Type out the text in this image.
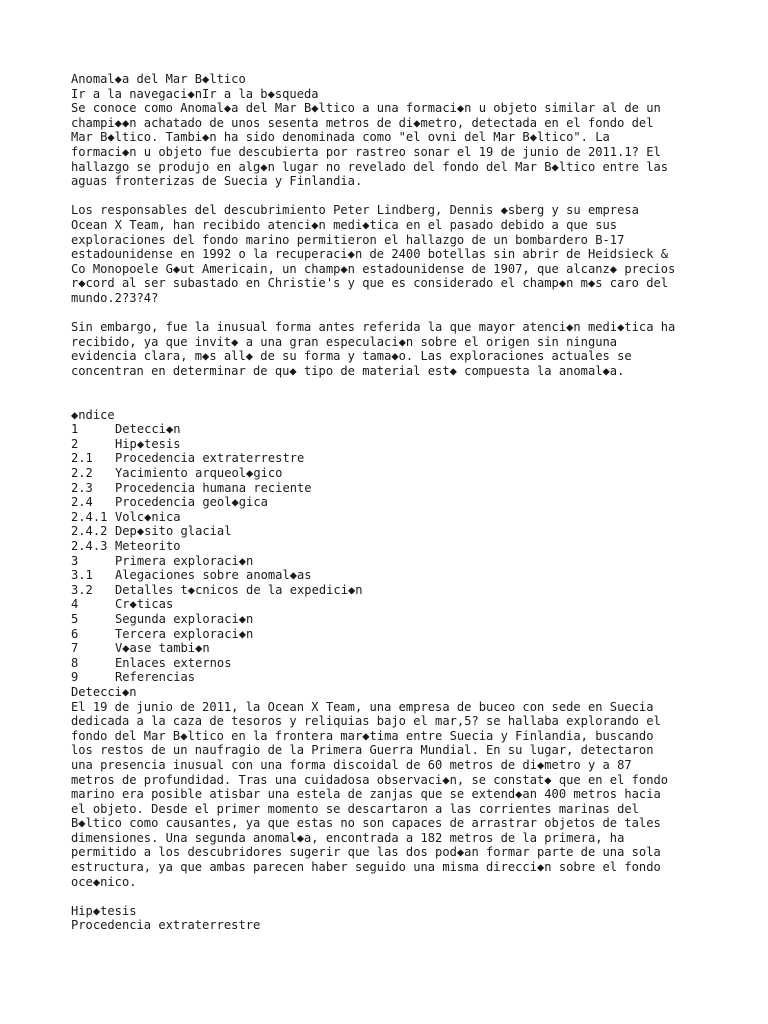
Anomal◆a del Mar B◆ltico
Ir a la navegaci◆nIr a la b◆squeda
Se conoce como Anomal◆a del Mar B◆ltico a una formaci◆n u objeto similar al de un
champi◆◆n achatado de unos sesenta metros de di◆metro, detectada en el fondo del
Mar B◆ltico. Tambi◆n ha sido denominada como "el ovni del Mar B◆ltico". La
formaci◆n u objeto fue descubierta por rastreo sonar el 19 de junio de 2011.1? El
hallazgo se produjo en alg◆n lugar no revelado del fondo del Mar B◆ltico entre las
aguas fronterizas de Suecia y Finlandia.
Los responsables del descubrimiento Peter Lindberg, Dennis ◆sberg y su empresa
Ocean X Team, han recibido atenci◆n medi◆tica en el pasado debido a que sus
exploraciones del fondo marino permitieron el hallazgo de un bombardero B-17
estadounidense en 1992 o la recuperaci◆n de 2400 botellas sin abrir de Heidsieck &
Co Monopoele G◆ut Americain, un champ◆n estadounidense de 1907, que alcanz◆ precios
r◆cord al ser subastado en Christie's y que es considerado el champ◆n m◆s caro del
mundo.2?3?4?
Sin embargo, fue la inusual forma antes referida la que mayor atenci◆n medi◆tica ha
recibido, ya que invit◆ a una gran especulaci◆n sobre el origen sin ninguna
evidencia clara, m◆s all◆ de su forma y tama◆o. Las exploraciones actuales se
concentran en determinar de qu◆ tipo de material est◆ compuesta la anomal◆a.
◆ndice
1	Detecci◆n
2	Hip◆tesis
2.1 Procedencia extraterrestre
2.2 Yacimiento arqueol◆gico
2.3 Procedencia humana reciente
2.4 Procedencia geol◆gica
2.4.1 Volc◆nica
2.4.2 Dep◆sito glacial
2.4.3 Meteorito
3	Primera exploraci◆n
3.1 Alegaciones sobre anomal◆as
3.2 Detalles t◆cnicos de la expedici◆n
4	Cr◆ticas
5	Segunda exploraci◆n
6	Tercera exploraci◆n
7	V◆ase tambi◆n
8	Enlaces externos
9	Referencias
Detecci◆n
El 19 de junio de 2011, la Ocean X Team, una empresa de buceo con sede en Suecia
dedicada a la caza de tesoros y reliquias bajo el mar,5? se hallaba explorando el
fondo del Mar B◆ltico en la frontera mar◆tima entre Suecia y Finlandia, buscando
los restos de un naufragio de la Primera Guerra Mundial. En su lugar, detectaron
una presencia inusual con una forma discoidal de 60 metros de di◆metro y a 87
metros de profundidad. Tras una cuidadosa observaci◆n, se constat◆ que en el fondo
marino era posible atisbar una estela de zanjas que se extend◆an 400 metros hacia
el objeto. Desde el primer momento se descartaron a las corrientes marinas del
B◆ltico como causantes, ya que estas no son capaces de arrastrar objetos de tales
dimensiones. Una segunda anomal◆a, encontrada a 182 metros de la primera, ha
permitido a los descubridores sugerir que las dos pod◆an formar parte de una sola
estructura, ya que ambas parecen haber seguido una misma direcci◆n sobre el fondo
oce◆nico.
Hip◆tesis
Procedencia extraterrestre
